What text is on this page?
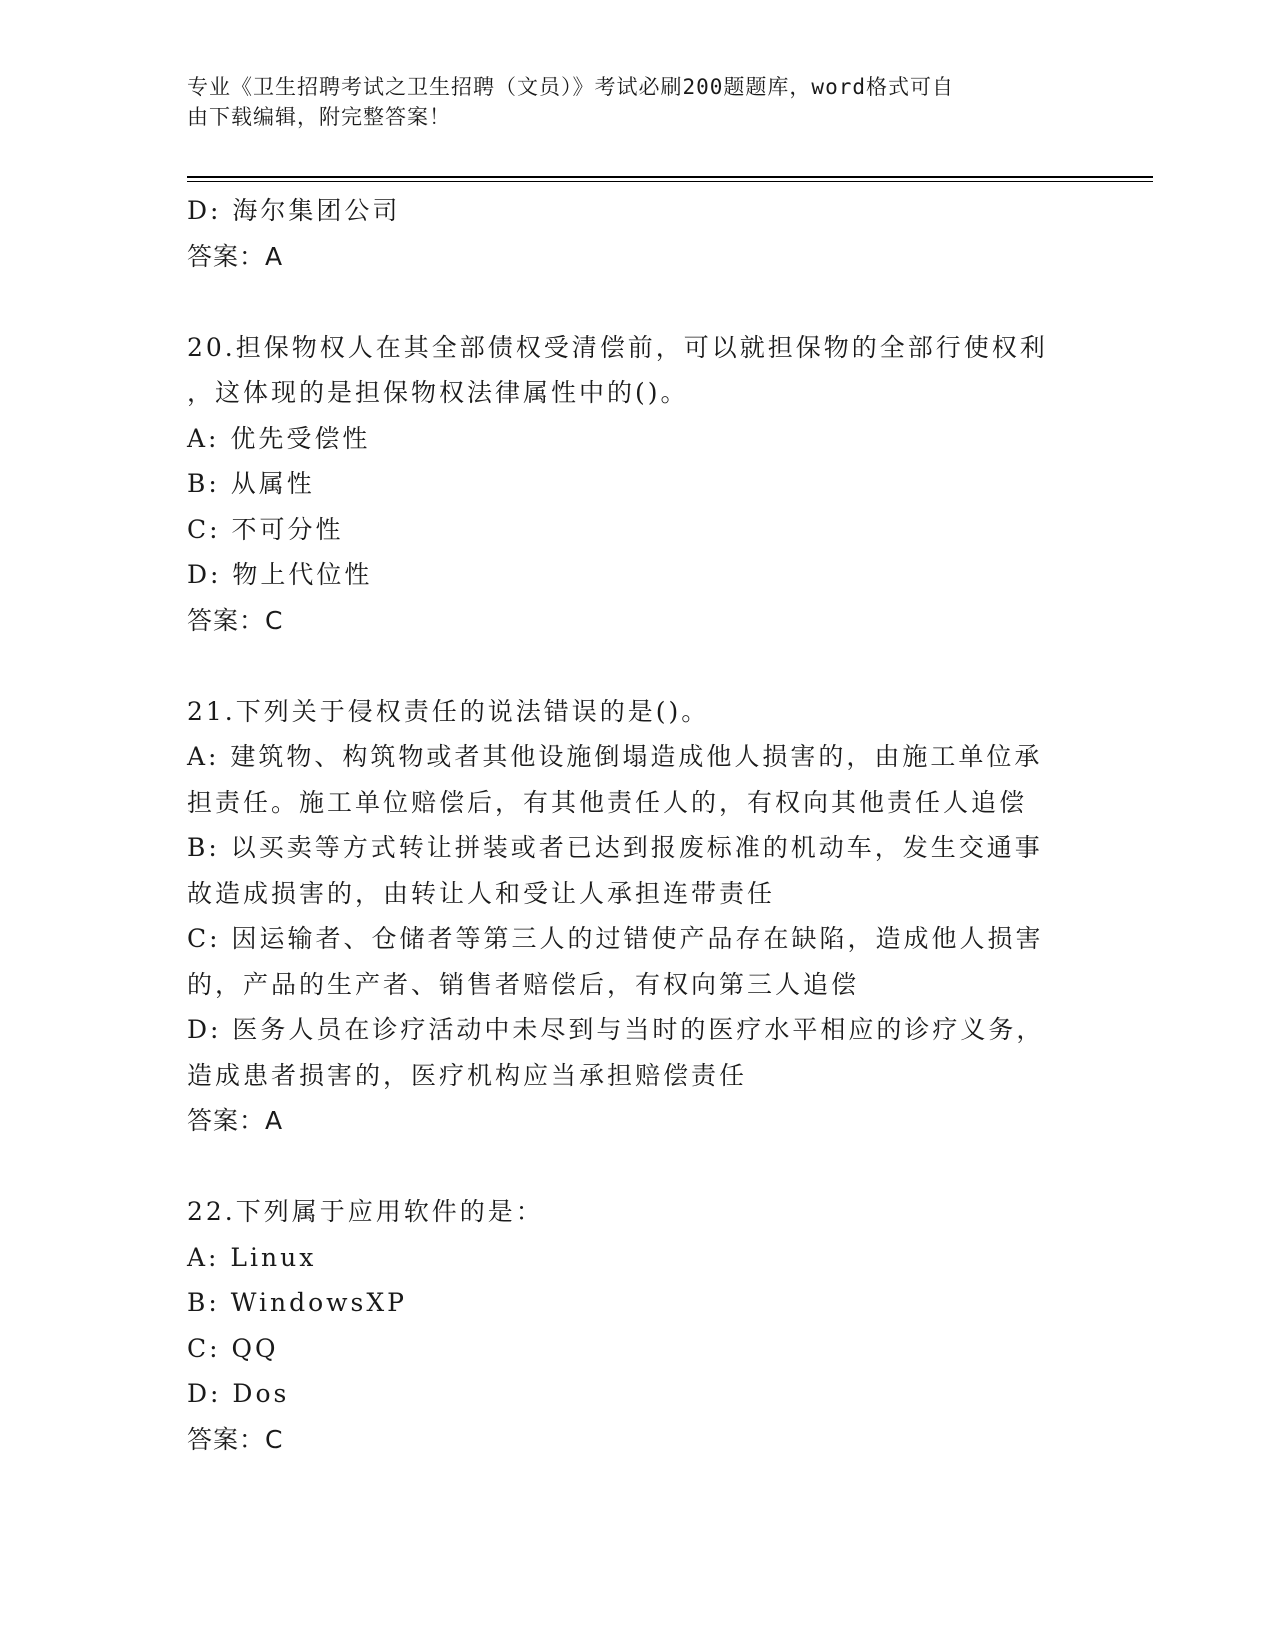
专业《卫生招聘考试之卫生招聘（文员）》考试必刷200题题库，word格式可自
由下载编辑，附完整答案！
D: 海尔集团公司
答案：A
20.担保物权人在其全部债权受清偿前，可以就担保物的全部行使权利
，这体现的是担保物权法律属性中的()。
A: 优先受偿性
B: 从属性
C: 不可分性
D: 物上代位性
答案：C
21.下列关于侵权责任的说法错误的是()。
A: 建筑物、构筑物或者其他设施倒塌造成他人损害的，由施工单位承
担责任。施工单位赔偿后，有其他责任人的，有权向其他责任人追偿
B: 以买卖等方式转让拼装或者已达到报废标准的机动车，发生交通事
故造成损害的，由转让人和受让人承担连带责任
C: 因运输者、仓储者等第三人的过错使产品存在缺陷，造成他人损害
的，产品的生产者、销售者赔偿后，有权向第三人追偿
D: 医务人员在诊疗活动中未尽到与当时的医疗水平相应的诊疗义务，
造成患者损害的，医疗机构应当承担赔偿责任
答案：A
22.下列属于应用软件的是：
A: Linux
B: WindowsXP
C: QQ
D: Dos
答案：C
